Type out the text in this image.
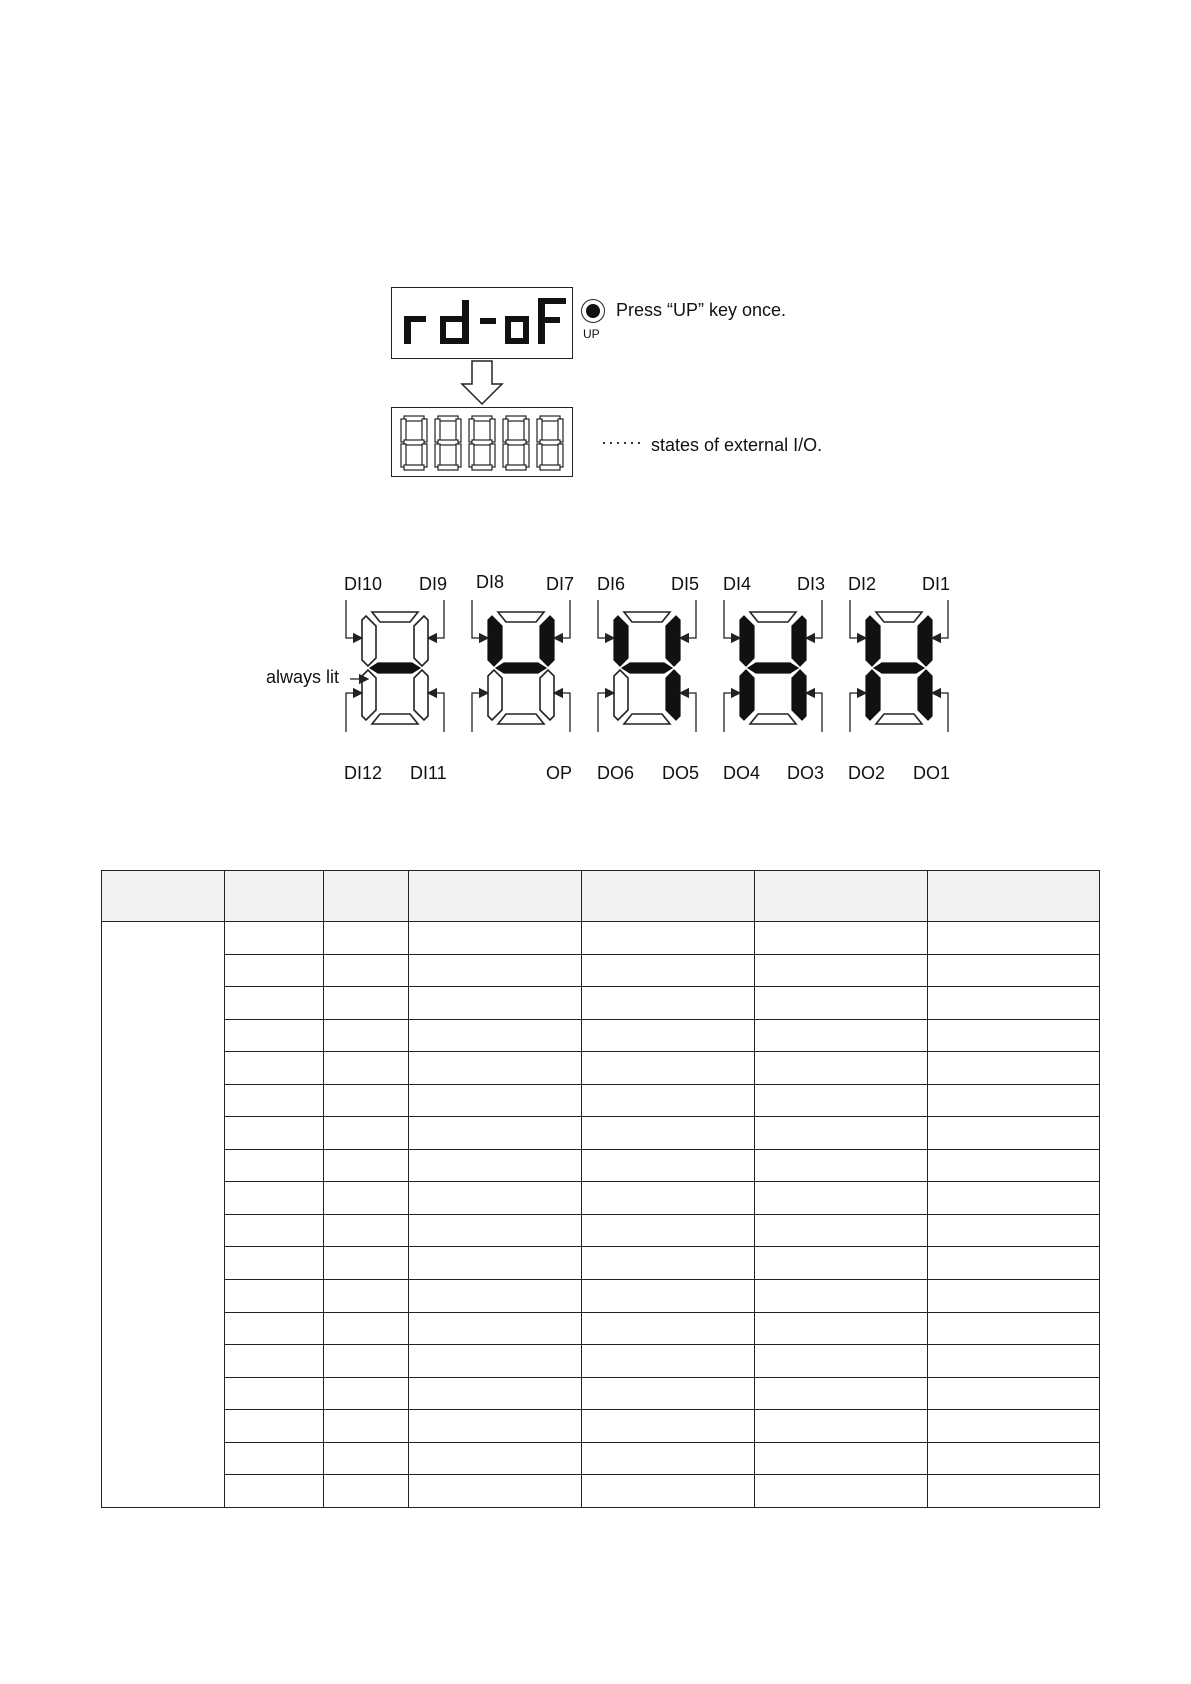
UP
Press “UP” key once.
······ states of external I/O.
DI10 DI9 DI8 DI7 DI6	DI5 DI4	DI3 DI2	DI1
always lit
DI12 DI11	OP DO6 DO5 DO4 DO3 DO2 DO1
